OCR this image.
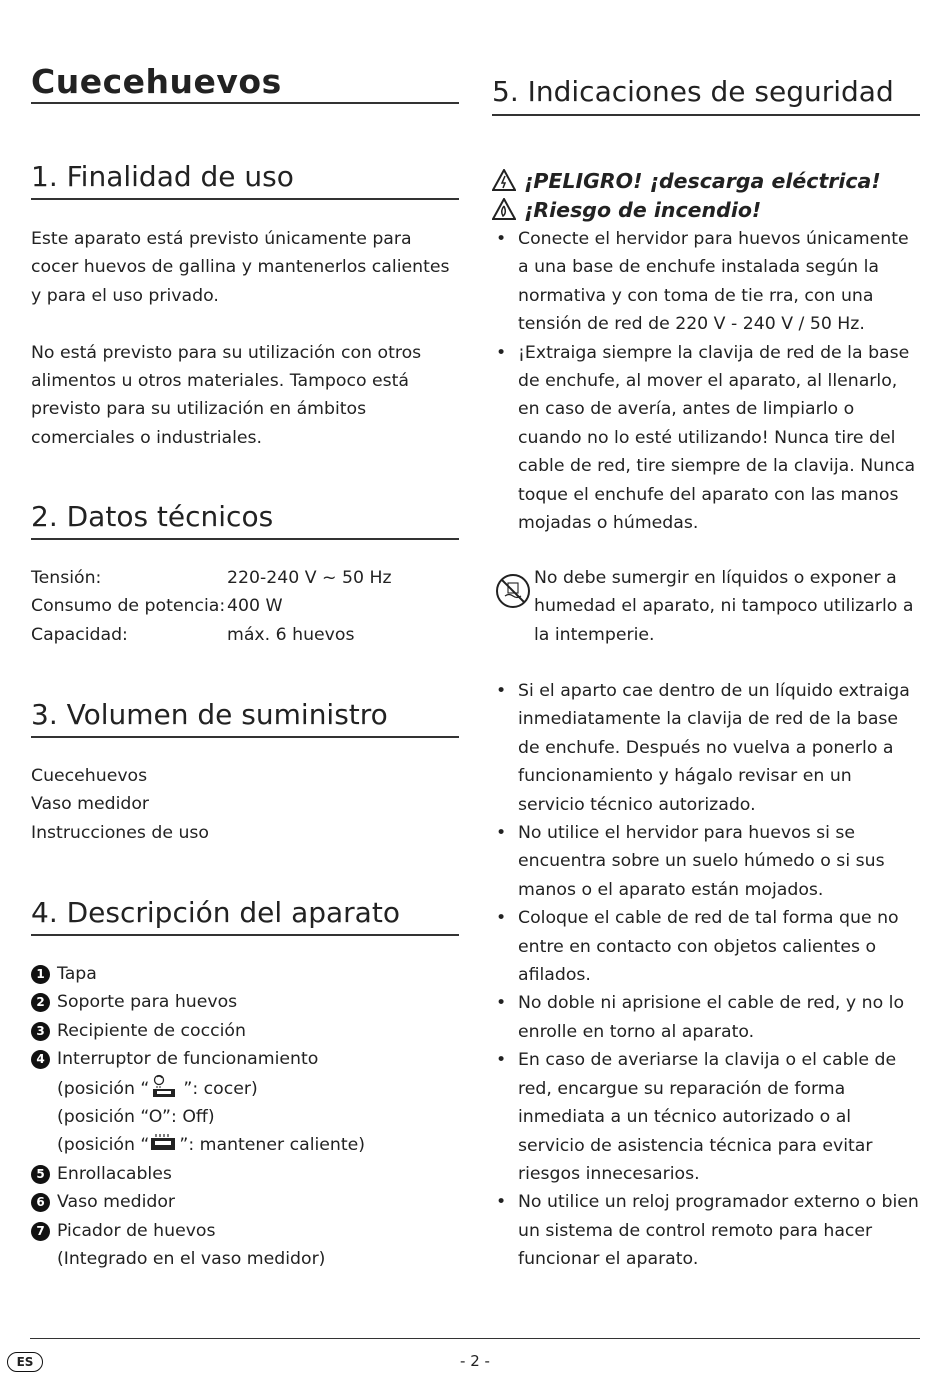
Cuecehuevos
1. Finalidad de uso

Este aparato está previsto únicamente para cocer huevos de gallina y mantenerlos calientes y para el uso privado.

No está previsto para su utilización con otros alimentos u otros materiales. Tampoco está previsto para su utilización en ámbitos comerciales o industriales.

2. Datos técnicos
Tensión:	220-240 V ~ 50 Hz
Consumo de potencia:	400 W
Capacidad:	máx. 6 huevos
3. Volumen de suministro
Cuecehuevos
Vaso medidor
Instrucciones de uso
4. Descripción del aparato
1 Tapa
2 Soporte para huevos
3 Recipiente de cocción
4 Interruptor de funcionamiento
(posición “ ”: cocer)
(posición “O”: Off)
(posición “ ”: mantener caliente)
5 Enrollacables
6 Vaso medidor
7 Picador de huevos
(Integrado en el vaso medidor)
5. Indicaciones de seguridad
¡PELIGRO! ¡descarga eléctrica!
¡Riesgo de incendio!
• Conecte el hervidor para huevos únicamente a una base de enchufe instalada según la normativa y con toma de tie rra, con una tensión de red de 220 V - 240 V / 50 Hz.
• ¡Extraiga siempre la clavija de red de la base de enchufe, al mover el aparato, al llenarlo, en caso de avería, antes de limpiarlo o cuando no lo esté utilizando! Nunca tire del cable de red, tire siempre de la clavija. Nunca toque el enchufe del aparato con las manos mojadas o húmedas.
No debe sumergir en líquidos o exponer a humedad el aparato, ni tampoco utilizarlo a la intemperie.
• Si el aparto cae dentro de un líquido extraiga inmediatamente la clavija de red de la base de enchufe. Después no vuelva a ponerlo a funcionamiento y hágalo revisar en un servicio técnico autorizado.
• No utilice el hervidor para huevos si se encuentra sobre un suelo húmedo o si sus manos o el aparato están mojados.
• Coloque el cable de red de tal forma que no entre en contacto con objetos calientes o afilados.
• No doble ni aprisione el cable de red, y no lo enrolle en torno al aparato.
• En caso de averiarse la clavija o el cable de red, encargue su reparación de forma inmediata a un técnico autorizado o al servicio de asistencia técnica para evitar riesgos innecesarios.
• No utilice un reloj programador externo o bien un sistema de control remoto para hacer funcionar el aparato.
ES	- 2 -
